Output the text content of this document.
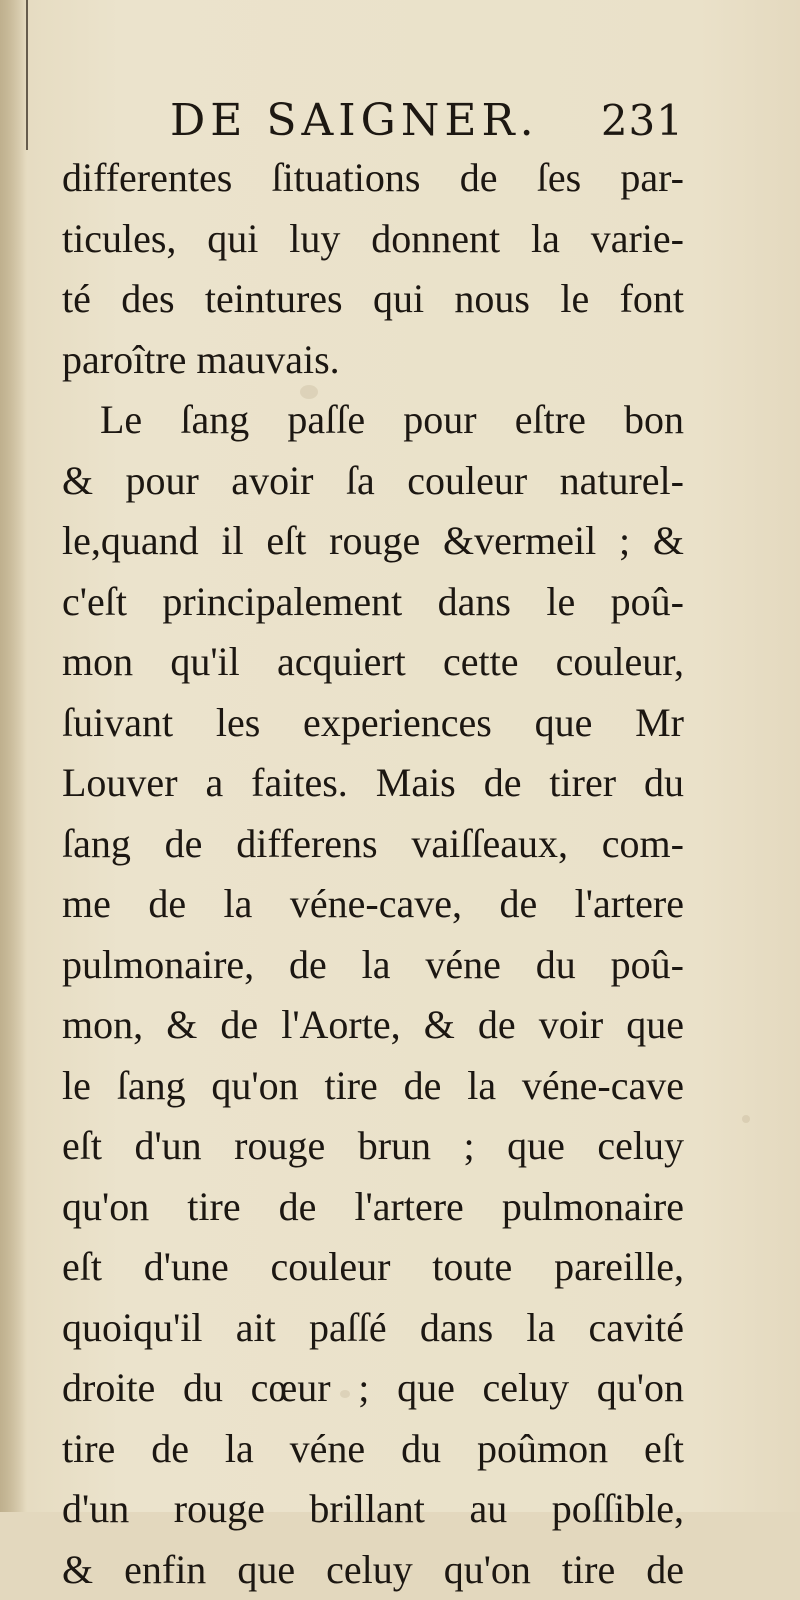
DE SAIGNER. 231
differentes ſituations de ſes par-
ticules, qui luy donnent la varie-
té des teintures qui nous le font
paroître mauvais.
Le ſang paſſe pour eſtre bon
& pour avoir ſa couleur naturel-
le,quand il eſt rouge &vermeil ; &
c'eſt principalement dans le poû-
mon qu'il acquiert cette couleur,
ſuivant les experiences que Mr
Louver a faites. Mais de tirer du
ſang de differens vaiſſeaux, com-
me de la véne-cave, de l'artere
pulmonaire, de la véne du poû-
mon, & de l'Aorte, & de voir que
le ſang qu'on tire de la véne-cave
eſt d'un rouge brun ; que celuy
qu'on tire de l'artere pulmonaire
eſt d'une couleur toute pareille,
quoiqu'il ait paſſé dans la cavité
droite du cœur ; que celuy qu'on
tire de la véne du poûmon eſt
d'un rouge brillant au poſſible,
& enfin que celuy qu'on tire de
